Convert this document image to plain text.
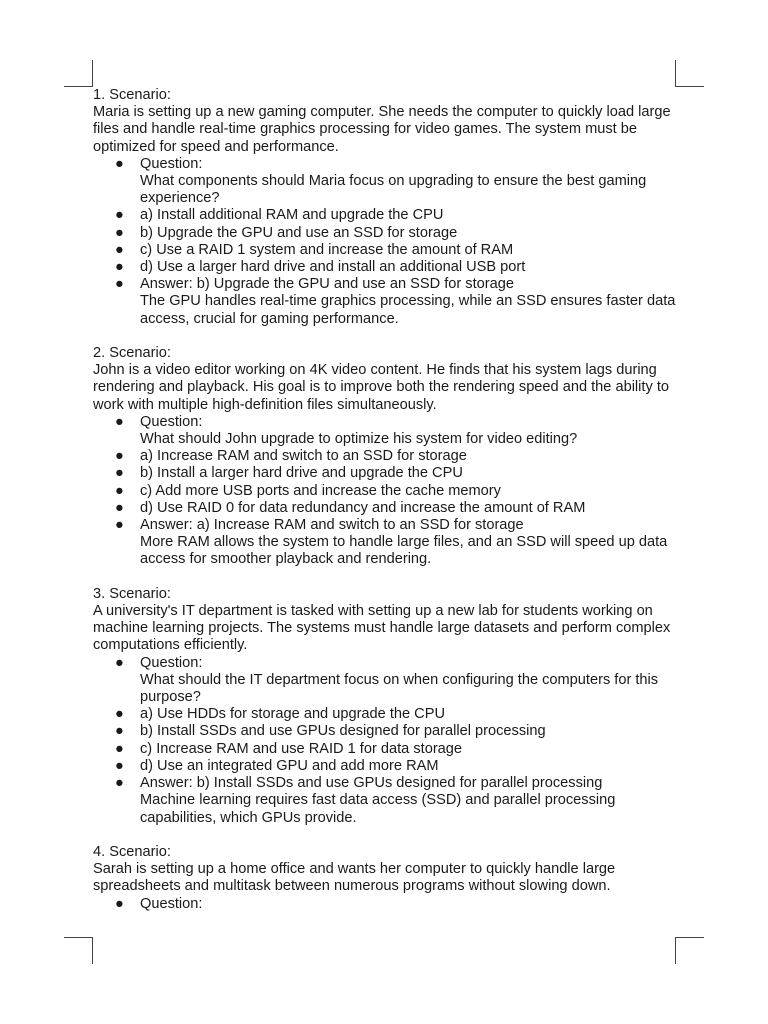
1. Scenario:

Maria is setting up a new gaming computer. She needs the computer to quickly load large files and handle real-time graphics processing for video games. The system must be optimized for speed and performance.

● Question:

What components should Maria focus on upgrading to ensure the best gaming experience?

● a) Install additional RAM and upgrade the CPU
● b) Upgrade the GPU and use an SSD for storage
● c) Use a RAID 1 system and increase the amount of RAM
● d) Use a larger hard drive and install an additional USB port
● Answer: b) Upgrade the GPU and use an SSD for storage

The GPU handles real-time graphics processing, while an SSD ensures faster data access, crucial for gaming performance.

2. Scenario:

John is a video editor working on 4K video content. He finds that his system lags during rendering and playback. His goal is to improve both the rendering speed and the ability to work with multiple high-definition files simultaneously.

● Question:

What should John upgrade to optimize his system for video editing?

● a) Increase RAM and switch to an SSD for storage
● b) Install a larger hard drive and upgrade the CPU
● c) Add more USB ports and increase the cache memory
● d) Use RAID 0 for data redundancy and increase the amount of RAM
● Answer: a) Increase RAM and switch to an SSD for storage

More RAM allows the system to handle large files, and an SSD will speed up data access for smoother playback and rendering.

3. Scenario:

A university's IT department is tasked with setting up a new lab for students working on machine learning projects. The systems must handle large datasets and perform complex computations efficiently.

● Question:

What should the IT department focus on when configuring the computers for this purpose?

● a) Use HDDs for storage and upgrade the CPU
● b) Install SSDs and use GPUs designed for parallel processing
● c) Increase RAM and use RAID 1 for data storage
● d) Use an integrated GPU and add more RAM
● Answer: b) Install SSDs and use GPUs designed for parallel processing

Machine learning requires fast data access (SSD) and parallel processing capabilities, which GPUs provide.

4. Scenario:

Sarah is setting up a home office and wants her computer to quickly handle large spreadsheets and multitask between numerous programs without slowing down.

● Question:
